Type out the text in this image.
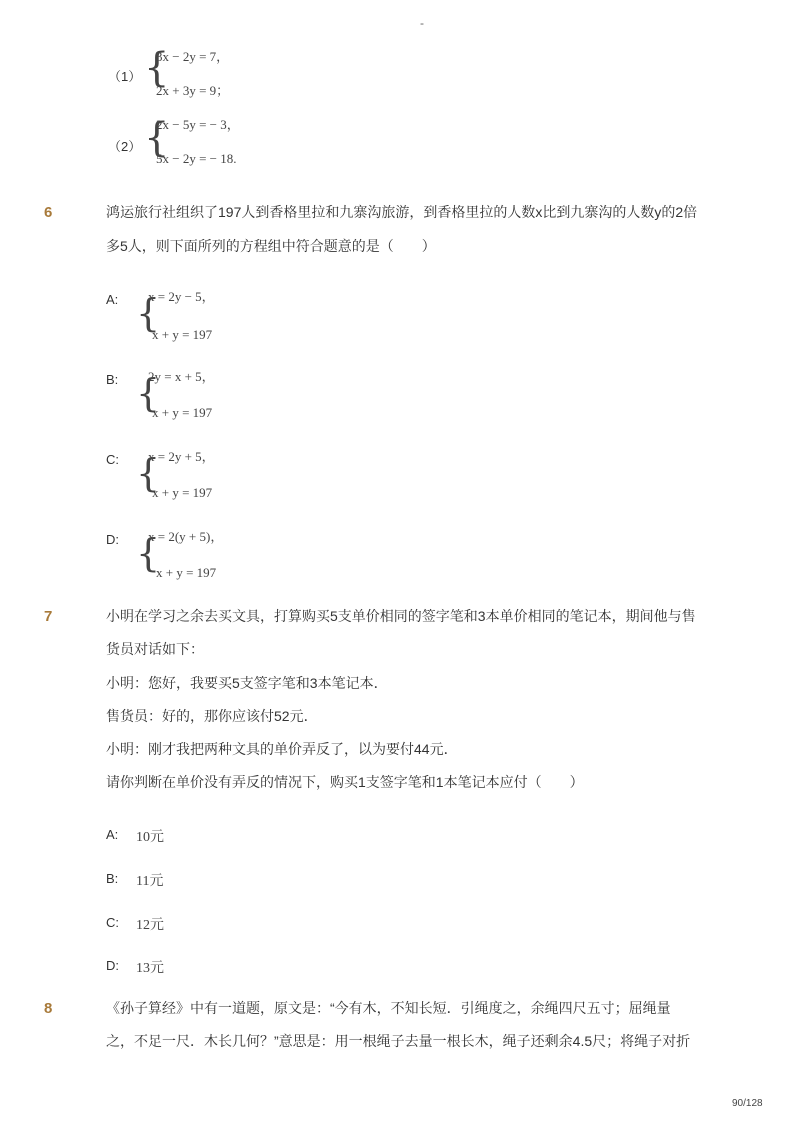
-
（1） {
3x − 2y = 7，
2x + 3y = 9；
（2） {
2x − 5y = − 3，
5x − 2y = − 18.
6	鸿运旅行社组织了197人到香格里拉和九寨沟旅游，到香格里拉的人数x比到九寨沟的人数y的2倍
多5人，则下面所列的方程组中符合题意的是（　　）
A: {
x = 2y − 5，
x + y = 197
B: {
2y = x + 5，
x + y = 197
C: {
x = 2y + 5，
x + y = 197
D: {
x = 2(y + 5)，
x + y = 197
7	小明在学习之余去买文具，打算购买5支单价相同的签字笔和3本单价相同的笔记本，期间他与售
货员对话如下：
小明：您好，我要买5支签字笔和3本笔记本．
售货员：好的，那你应该付52元．
小明：刚才我把两种文具的单价弄反了，以为要付44元．
请你判断在单价没有弄反的情况下，购买1支签字笔和1本笔记本应付（　　）
A: 10元
B: 11元
C: 12元
D: 13元
8	《孙子算经》中有一道题，原文是：“今有木，不知长短．引绳度之，余绳四尺五寸；屈绳量
之，不足一尺．木长几何？”意思是：用一根绳子去量一根长木，绳子还剩余4.5尺；将绳子对折
90/128
